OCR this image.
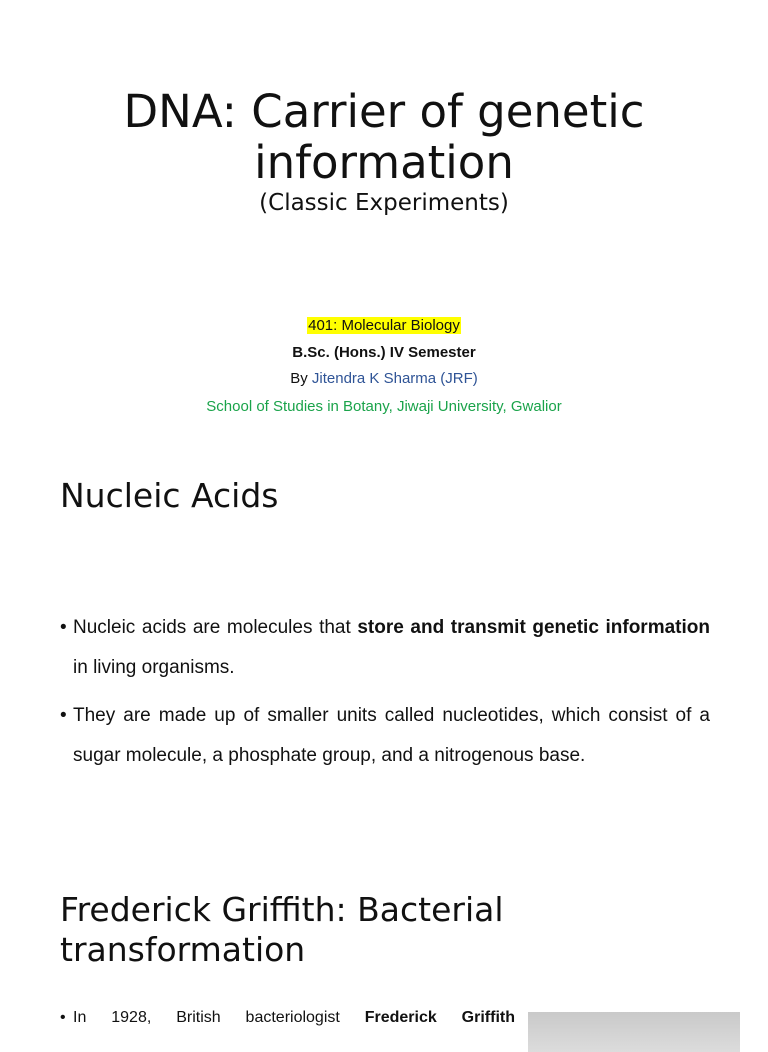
DNA: Carrier of genetic
information

(Classic Experiments)

401: Molecular Biology

B.Sc. (Hons.) IV Semester

By Jitendra K Sharma (JRF)

School of Studies in Botany, Jiwaji University, Gwalior

Nucleic Acids
• Nucleic acids are molecules that store and transmit genetic information in living organisms.
• They are made up of smaller units called nucleotides, which consist of a sugar molecule, a phosphate group, and a nitrogenous base.
Frederick Griffith: Bacterial
transformation
• In 1928, British bacteriologist Frederick Griffith
